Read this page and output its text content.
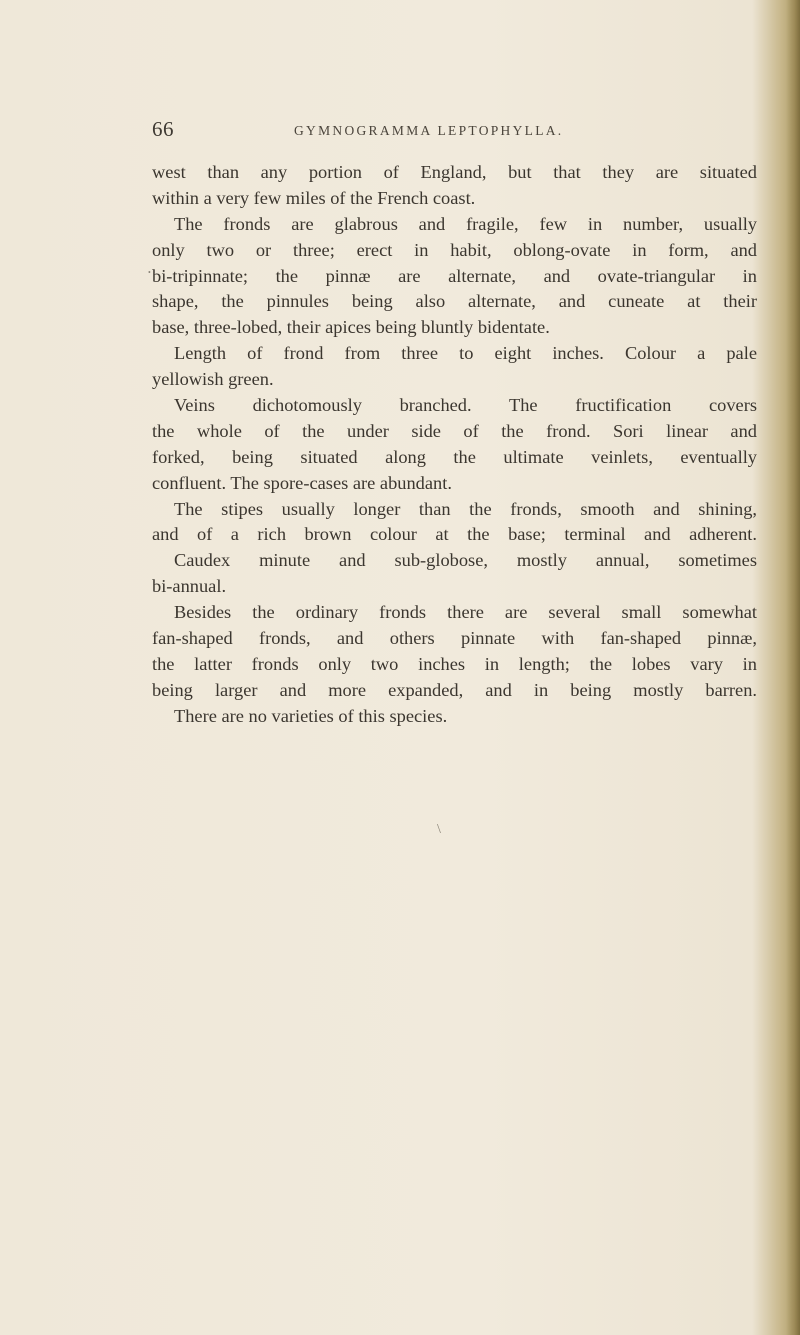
66	GYMNOGRAMMA LEPTOPHYLLA.
west than any portion of England, but that they are situated
within a very few miles of the French coast.
The fronds are glabrous and fragile, few in number, usually
only two or three; erect in habit, oblong-ovate in form, and
bi-tripinnate; the pinnæ are alternate, and ovate-triangular in
shape, the pinnules being also alternate, and cuneate at their
base, three-lobed, their apices being bluntly bidentate.
Length of frond from three to eight inches. Colour a pale
yellowish green.
Veins dichotomously branched. The fructification covers
the whole of the under side of the frond. Sori linear and
forked, being situated along the ultimate veinlets, eventually
confluent. The spore-cases are abundant.
The stipes usually longer than the fronds, smooth and shining,
and of a rich brown colour at the base; terminal and adherent.
Caudex minute and sub-globose, mostly annual, sometimes
bi-annual.
Besides the ordinary fronds there are several small somewhat
fan-shaped fronds, and others pinnate with fan-shaped pinnæ,
the latter fronds only two inches in length; the lobes vary in
being larger and more expanded, and in being mostly barren.
There are no varieties of this species.
\
•
